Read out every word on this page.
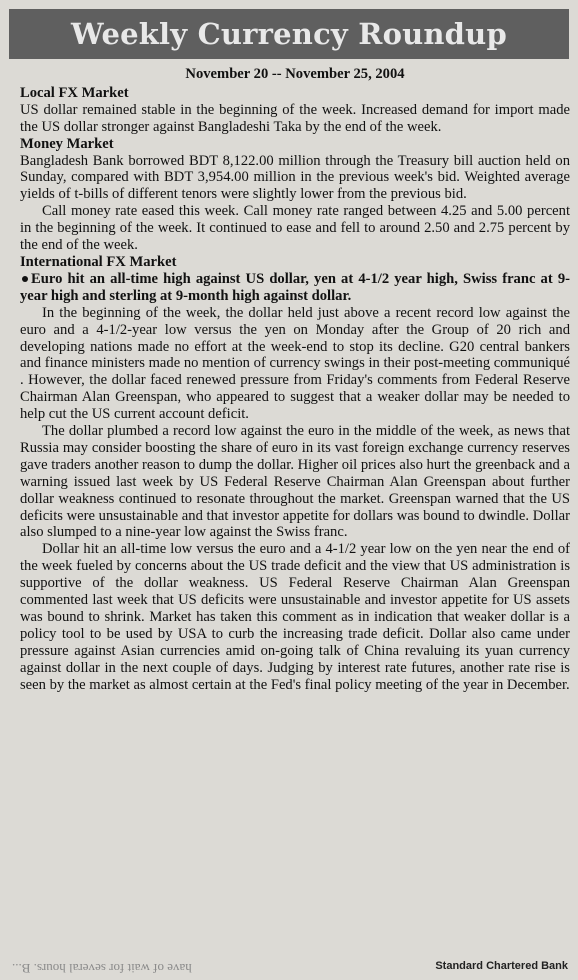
Weekly Currency Roundup
November 20 -- November 25, 2004
Local FX Market

US dollar remained stable in the beginning of the week. Increased demand for import made the US dollar stronger against Bangladeshi Taka by the end of the week.

Money Market

Bangladesh Bank borrowed BDT 8,122.00 million through the Treasury bill auction held on Sunday, compared with BDT 3,954.00 million in the previous week's bid. Weighted average yields of t-bills of different tenors were slightly lower from the previous bid.

Call money rate eased this week. Call money rate ranged between 4.25 and 5.00 percent in the beginning of the week. It continued to ease and fell to around 2.50 and 2.75 percent by the end of the week.

International FX Market

Euro hit an all-time high against US dollar, yen at 4-1/2 year high, Swiss franc at 9-year high and sterling at 9-month high against dollar.

In the beginning of the week, the dollar held just above a recent record low against the euro and a 4-1/2-year low versus the yen on Monday after the Group of 20 rich and developing nations made no effort at the week-end to stop its decline. G20 central bankers and finance ministers made no mention of currency swings in their post-meeting communiqué . However, the dollar faced renewed pressure from Friday's comments from Federal Reserve Chairman Alan Greenspan, who appeared to suggest that a weaker dollar may be needed to help cut the US current account deficit.

The dollar plumbed a record low against the euro in the middle of the week, as news that Russia may consider boosting the share of euro in its vast foreign exchange currency reserves gave traders another reason to dump the dollar. Higher oil prices also hurt the greenback and a warning issued last week by US Federal Reserve Chairman Alan Greenspan about further dollar weakness continued to resonate throughout the market. Greenspan warned that the US deficits were unsustainable and that investor appetite for dollars was bound to dwindle. Dollar also slumped to a nine-year low against the Swiss franc.

Dollar hit an all-time low versus the euro and a 4-1/2 year low on the yen near the end of the week fueled by concerns about the US trade deficit and the view that US administration is supportive of the dollar weakness. US Federal Reserve Chairman Alan Greenspan commented last week that US deficits were unsustainable and investor appetite for US assets was bound to shrink. Market has taken this comment as in indication that weaker dollar is a policy tool to be used by USA to curb the increasing trade deficit. Dollar also came under pressure against Asian currencies amid on-going talk of China revaluing its yuan currency against dollar in the next couple of days. Judging by interest rate futures, another rate rise is seen by the market as almost certain at the Fed's final policy meeting of the year in December.

have of wait for several hours. B...	Standard Chartered Bank
